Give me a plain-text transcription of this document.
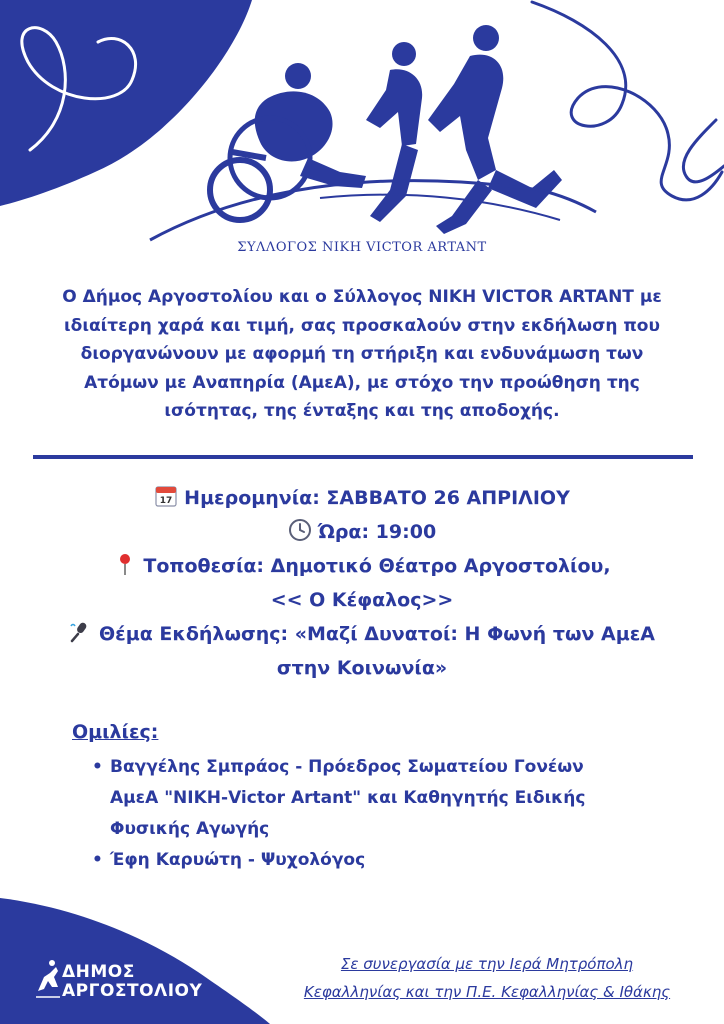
ΣΥΛΛΟΓΟΣ ΝΙΚΗ VICTOR ARTANT
Ο Δήμος Αργοστολίου και ο Σύλλογος ΝΙΚΗ VICTOR ARTANT με
ιδιαίτερη χαρά και τιμή, σας προσκαλούν στην εκδήλωση που
διοργανώνουν με αφορμή τη στήριξη και ενδυνάμωση των
Ατόμων με Αναπηρία (ΑμεΑ), με στόχο την προώθηση της
ισότητας, της ένταξης και της αποδοχής.
17 Ημερομηνία: ΣΑΒΒΑΤΟ 26 ΑΠΡΙΛΙΟΥ
Ώρα: 19:00
Τοποθεσία: Δημοτικό Θέατρο Αργοστολίου,
<< Ο Κέφαλος>>
Θέμα Εκδήλωσης: «Μαζί Δυνατοί: Η Φωνή των ΑμεΑ
στην Κοινωνία»
Ομιλίες:
• Βαγγέλης Σμπράος - Πρόεδρος Σωματείου Γονέων
ΑμεΑ "ΝΙΚΗ-Victor Artant" και Καθηγητής Ειδικής
Φυσικής Αγωγής
• Έφη Καρυώτη - Ψυχολόγος
ΔΗΜΟΣ
ΑΡΓΟΣΤΟΛΙΟΥ
Σε συνεργασία με την Ιερά Μητρόπολη
Κεφαλληνίας και την Π.Ε. Κεφαλληνίας & Ιθάκης
